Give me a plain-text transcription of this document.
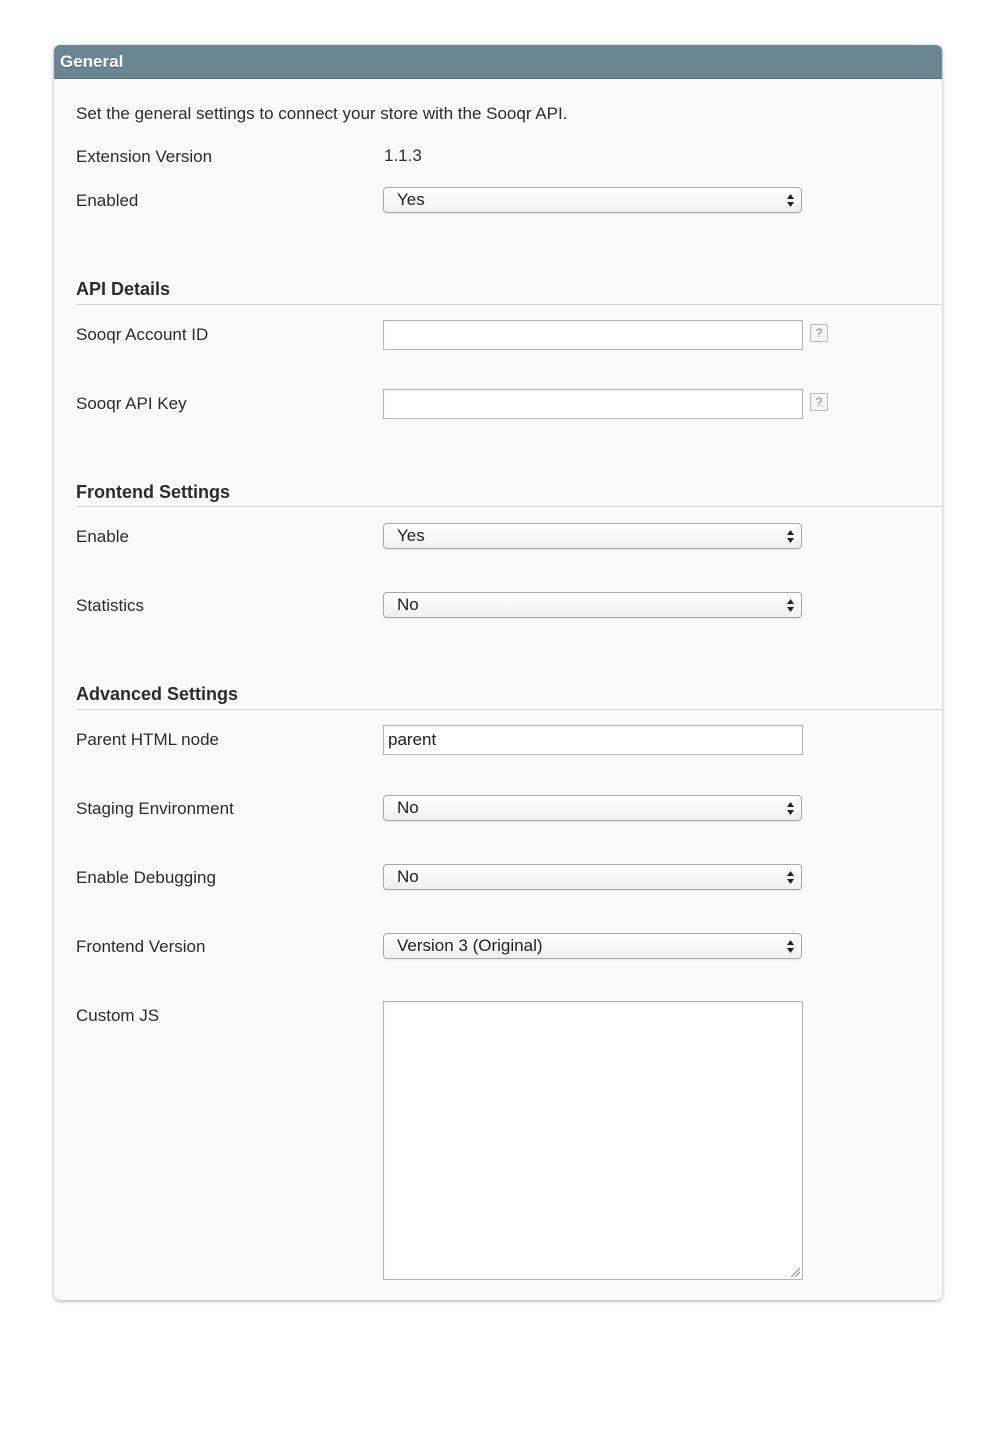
General
Set the general settings to connect your store with the Sooqr API.
Extension Version	1.1.3
Enabled	Yes
API Details
Sooqr Account ID	?
Sooqr API Key	?
Frontend Settings
Enable	Yes
Statistics	No
Advanced Settings
Parent HTML node	parent
Staging Environment	No
Enable Debugging	No
Frontend Version	Version 3 (Original)
Custom JS
